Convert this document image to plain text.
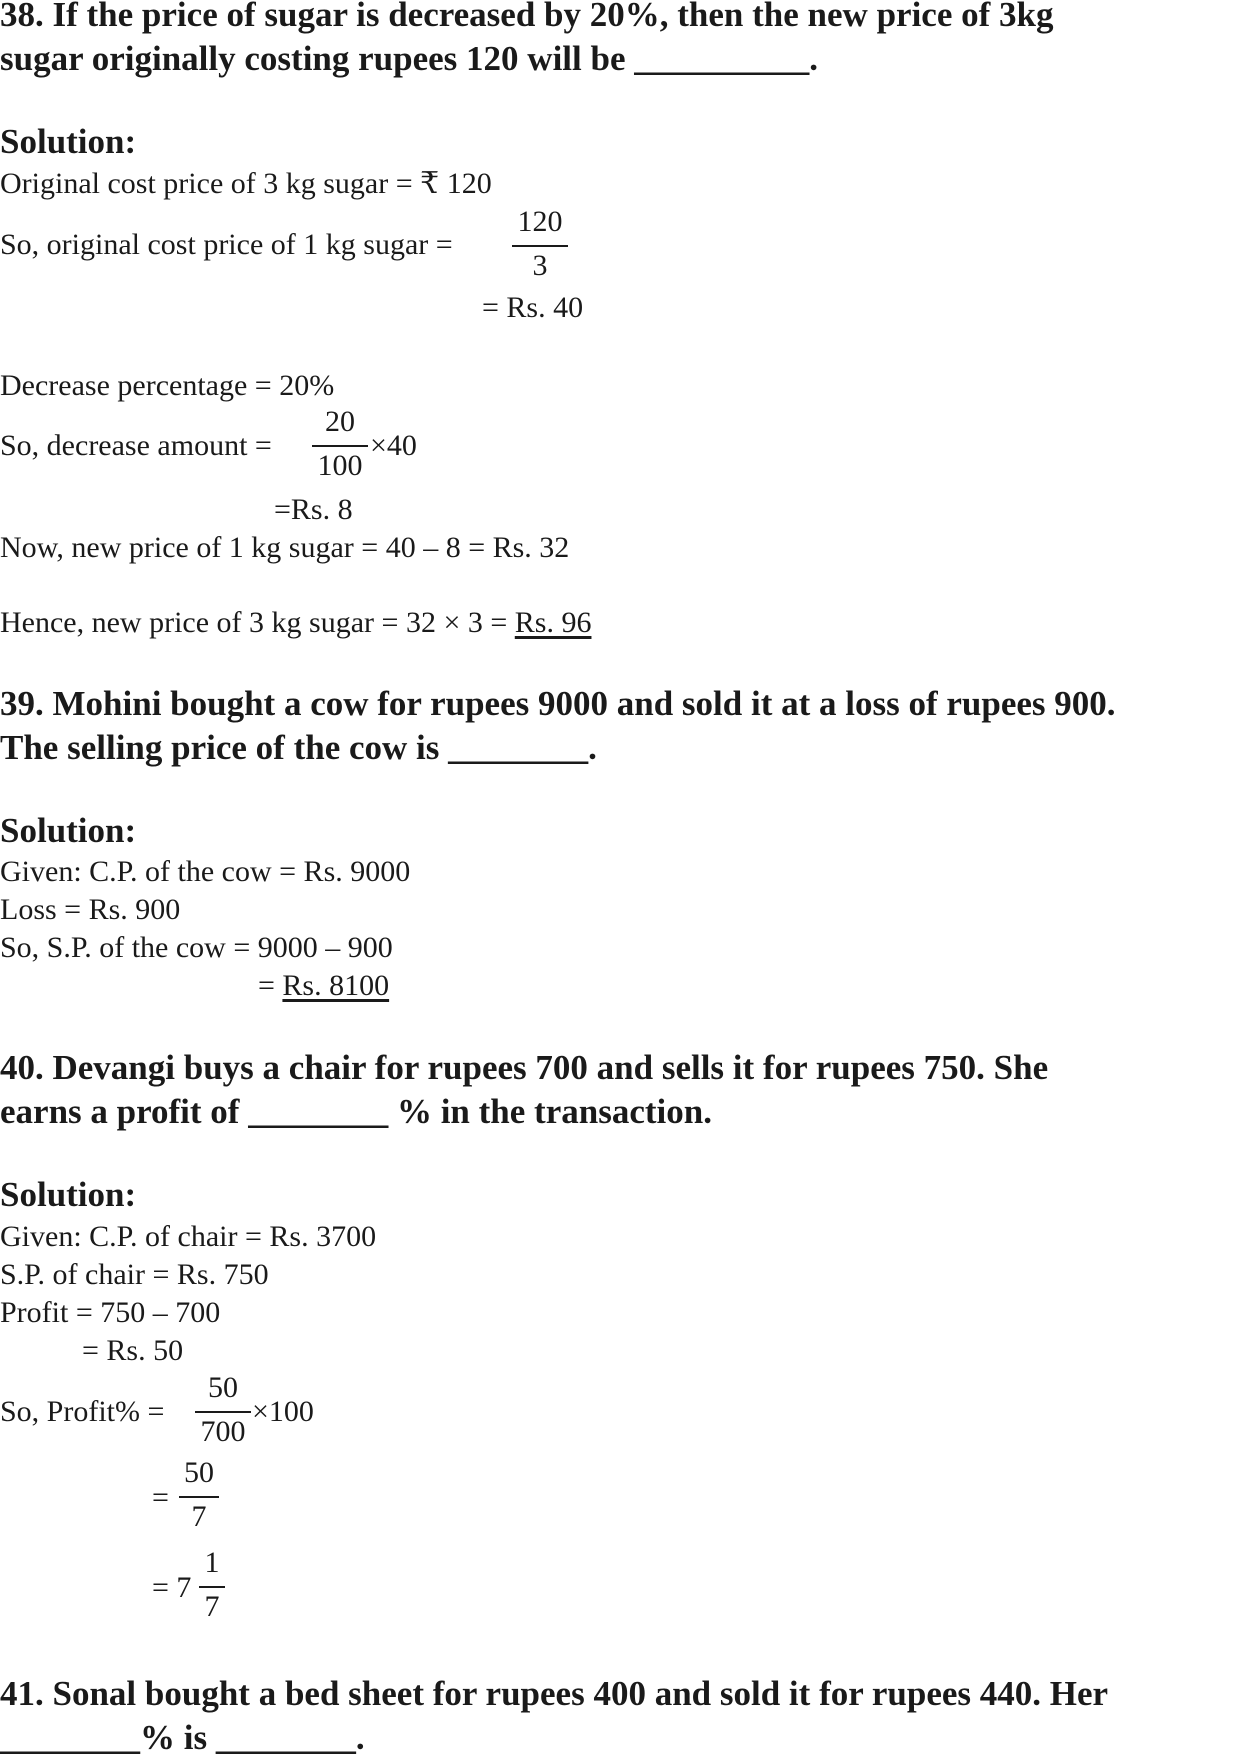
38. If the price of sugar is decreased by 20%, then the new price of 3kg
sugar originally costing rupees 120 will be __________.
Solution:
Original cost price of 3 kg sugar = ₹ 120
So, original cost price of 1 kg sugar =
120
3
= Rs. 40
Decrease percentage = 20%
So, decrease amount =
20
100
×40
=Rs. 8
Now, new price of 1 kg sugar = 40 – 8 = Rs. 32
Hence, new price of 3 kg sugar = 32 × 3 = Rs. 96
39. Mohini bought a cow for rupees 9000 and sold it at a loss of rupees 900.
The selling price of the cow is ________.
Solution:
Given: C.P. of the cow = Rs. 9000
Loss = Rs. 900
So, S.P. of the cow = 9000 – 900
= Rs. 8100
40. Devangi buys a chair for rupees 700 and sells it for rupees 750. She
earns a profit of ________ % in the transaction.
Solution:
Given: C.P. of chair = Rs. 3700
S.P. of chair = Rs. 750
Profit = 750 – 700
= Rs. 50
So, Profit% =
50
700
×100
=
50
7
= 7
1
7
41. Sonal bought a bed sheet for rupees 400 and sold it for rupees 440. Her
________% is ________.
